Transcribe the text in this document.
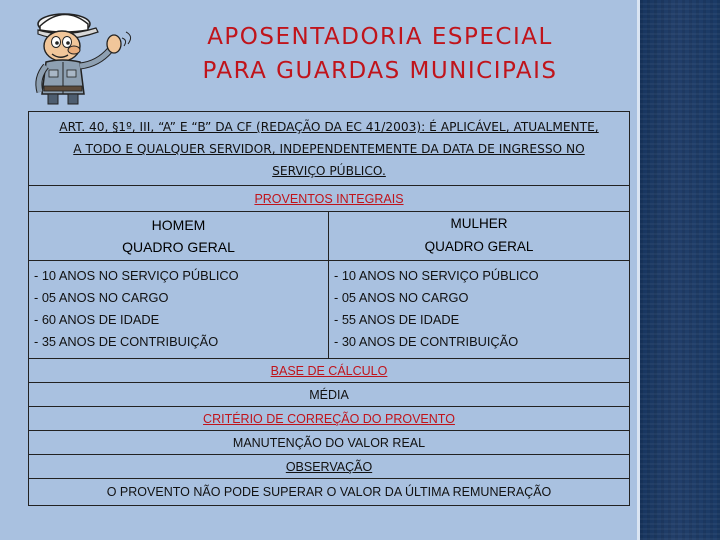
APOSENTADORIA ESPECIAL
PARA GUARDAS MUNICIPAIS
ART. 40, §1º, III, “A” E “B” DA CF (REDAÇÃO DA EC 41/2003): É APLICÁVEL, ATUALMENTE,
A TODO E QUALQUER SERVIDOR, INDEPENDENTEMENTE DA DATA DE INGRESSO NO
SERVIÇO PÚBLICO.
PROVENTOS INTEGRAIS
HOMEM
QUADRO GERAL
MULHER
QUADRO GERAL
- 10 ANOS NO SERVIÇO PÚBLICO
- 05 ANOS NO CARGO
- 60 ANOS DE IDADE
- 35 ANOS DE CONTRIBUIÇÃO
- 10 ANOS NO SERVIÇO PÚBLICO
- 05 ANOS NO CARGO
- 55 ANOS DE IDADE
- 30 ANOS DE CONTRIBUIÇÃO
BASE DE CÁLCULO
MÉDIA
CRITÉRIO DE CORREÇÃO DO PROVENTO
MANUTENÇÃO DO VALOR REAL
OBSERVAÇÃO
O PROVENTO NÃO PODE SUPERAR O VALOR DA ÚLTIMA REMUNERAÇÃO
